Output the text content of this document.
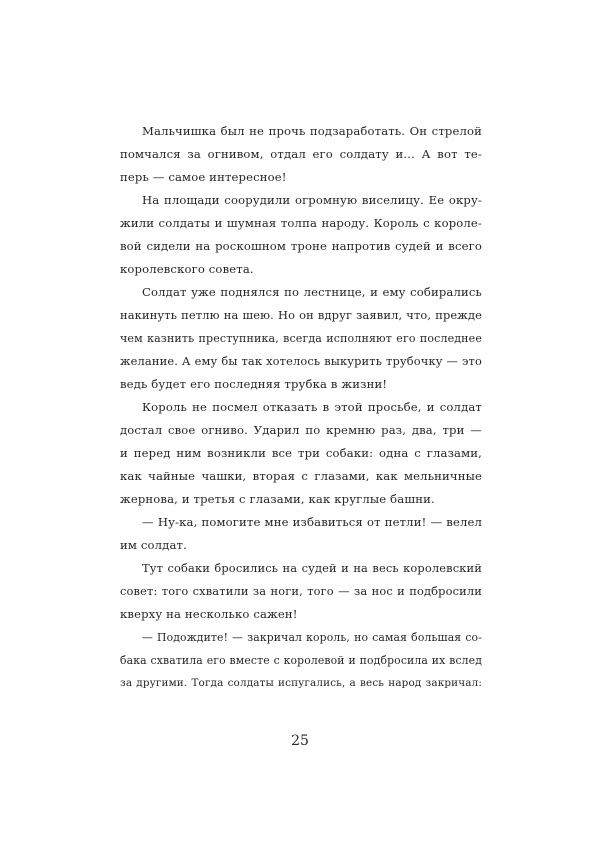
Мальчишка был не прочь подзаработать. Он стрелой
помчался за огнивом, отдал его солдату и... А вот те-
перь — самое интересное!
На площади соорудили огромную виселицу. Ее окру-
жили солдаты и шумная толпа народу. Король с короле-
вой сидели на роскошном троне напротив судей и всего
королевского совета.
Солдат уже поднялся по лестнице, и ему собирались
накинуть петлю на шею. Но он вдруг заявил, что, прежде
чем казнить преступника, всегда исполняют его последнее
желание. А ему бы так хотелось выкурить трубочку — это
ведь будет его последняя трубка в жизни!
Король не посмел отказать в этой просьбе, и солдат
достал свое огниво. Ударил по кремню раз, два, три —
и перед ним возникли все три собаки: одна с глазами,
как чайные чашки, вторая с глазами, как мельничные
жернова, и третья с глазами, как круглые башни.
— Ну-ка, помогите мне избавиться от петли! — велел
им солдат.
Тут собаки бросились на судей и на весь королевский
совет: того схватили за ноги, того — за нос и подбросили
кверху на несколько сажен!
— Подождите! — закричал король, но самая большая со-
бака схватила его вместе с королевой и подбросила их вслед
за другими. Тогда солдаты испугались, а весь народ закричал:
25
